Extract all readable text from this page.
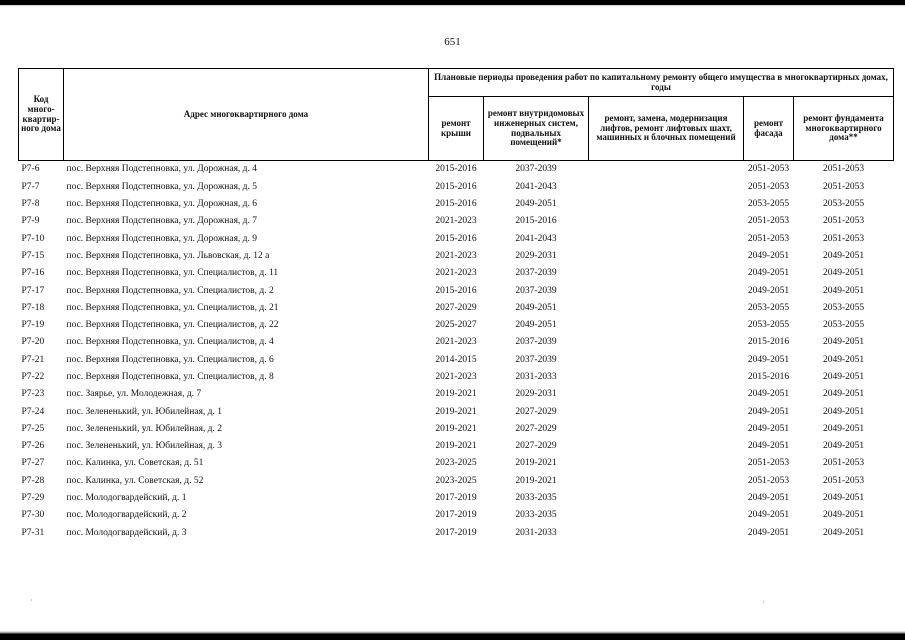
651
Код много-квартир-ного дома	Адрес многоквартирного дома	Плановые периоды проведения работ по капитальному ремонту общего имущества в многоквартирных домах, годы				
		ремонт крыши	ремонт внутридомовых инженерных систем, подвальных помещений*	ремонт, замена, модернизация лифтов, ремонт лифтовых шахт, машинных и блочных помещений	ремонт фасада	ремонт фундамента многоквартирного дома**
Р7-6	пос. Верхняя Подстепновка, ул. Дорожная, д. 4	2015-2016	2037-2039		2051-2053	2051-2053
Р7-7	пос. Верхняя Подстепновка, ул. Дорожная, д. 5	2015-2016	2041-2043		2051-2053	2051-2053
Р7-8	пос. Верхняя Подстепновка, ул. Дорожная, д. 6	2015-2016	2049-2051		2053-2055	2053-2055
Р7-9	пос. Верхняя Подстепновка, ул. Дорожная, д. 7	2021-2023	2015-2016		2051-2053	2051-2053
Р7-10	пос. Верхняя Подстепновка, ул. Дорожная, д. 9	2015-2016	2041-2043		2051-2053	2051-2053
Р7-15	пос. Верхняя Подстепновка, ул. Львовская, д. 12 а	2021-2023	2029-2031		2049-2051	2049-2051
Р7-16	пос. Верхняя Подстепновка, ул. Специалистов, д. 11	2021-2023	2037-2039		2049-2051	2049-2051
Р7-17	пос. Верхняя Подстепновка, ул. Специалистов, д. 2	2015-2016	2037-2039		2049-2051	2049-2051
Р7-18	пос. Верхняя Подстепновка, ул. Специалистов, д. 21	2027-2029	2049-2051		2053-2055	2053-2055
Р7-19	пос. Верхняя Подстепновка, ул. Специалистов, д. 22	2025-2027	2049-2051		2053-2055	2053-2055
Р7-20	пос. Верхняя Подстепновка, ул. Специалистов, д. 4	2021-2023	2037-2039		2015-2016	2049-2051
Р7-21	пос. Верхняя Подстепновка, ул. Специалистов, д. 6	2014-2015	2037-2039		2049-2051	2049-2051
Р7-22	пос. Верхняя Подстепновка, ул. Специалистов, д. 8	2021-2023	2031-2033		2015-2016	2049-2051
Р7-23	пос. Заярье, ул. Молодежная, д. 7	2019-2021	2029-2031		2049-2051	2049-2051
Р7-24	пос. Зелененький, ул. Юбилейная, д. 1	2019-2021	2027-2029		2049-2051	2049-2051
Р7-25	пос. Зелененький, ул. Юбилейная, д. 2	2019-2021	2027-2029		2049-2051	2049-2051
Р7-26	пос. Зелененький, ул. Юбилейная, д. 3	2019-2021	2027-2029		2049-2051	2049-2051
Р7-27	пос. Калинка, ул. Советская, д. 51	2023-2025	2019-2021		2051-2053	2051-2053
Р7-28	пос. Калинка, ул. Советская, д. 52	2023-2025	2019-2021		2051-2053	2051-2053
Р7-29	пос. Молодогвардейский, д. 1	2017-2019	2033-2035		2049-2051	2049-2051
Р7-30	пос. Молодогвардейский, д. 2	2017-2019	2033-2035		2049-2051	2049-2051
Р7-31	пос. Молодогвардейский, д. 3	2017-2019	2031-2033		2049-2051	2049-2051
·	·
